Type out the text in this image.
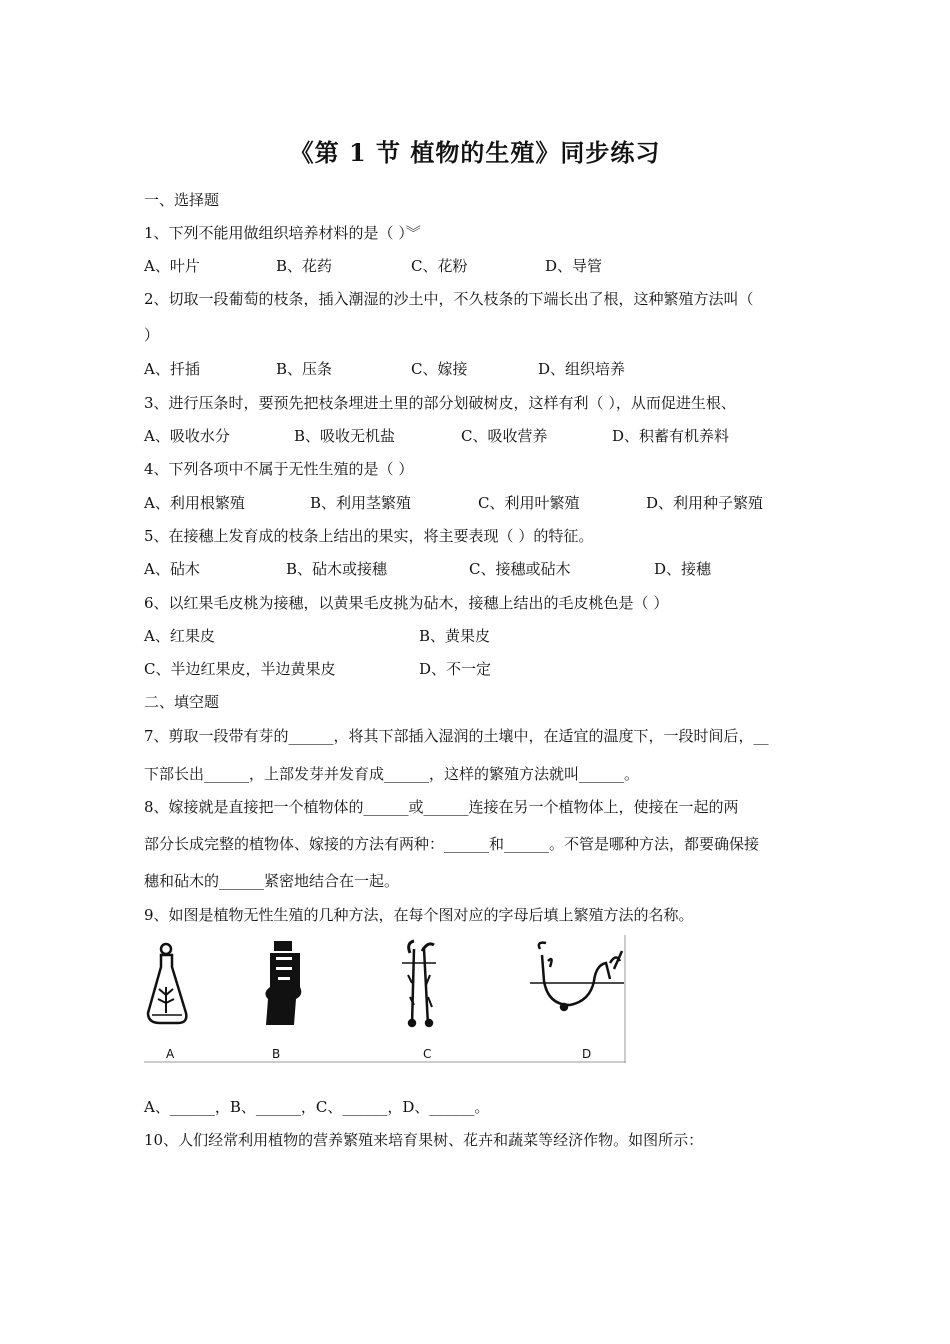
《第 1 节 植物的生殖》同步练习
一、选择题
1、下列不能用做组织培养材料的是（ ）︾
A、叶片	B、花药	C、花粉	D、导管
2、切取一段葡萄的枝条，插入潮湿的沙土中，不久枝条的下端长出了根，这种繁殖方法叫（
）
A、扦插	B、压条	C、嫁接	D、组织培养
3、进行压条时，要预先把枝条埋进土里的部分划破树皮，这样有利（ ），从而促进生根、
A、吸收水分	B、吸收无机盐	C、吸收营养	D、积蓄有机养料
4、下列各项中不属于无性生殖的是（ ）
A、利用根繁殖	B、利用茎繁殖	C、利用叶繁殖	D、利用种子繁殖
5、在接穗上发育成的枝条上结出的果实，将主要表现（ ）的特征。
A、砧木	B、砧木或接穗	C、接穗或砧木	D、接穗
6、以红果毛皮桃为接穗，以黄果毛皮挑为砧木，接穗上结出的毛皮桃色是（ ）
A、红果皮	B、黄果皮
C、半边红果皮，半边黄果皮	D、不一定
二、填空题
7、剪取一段带有芽的______，将其下部插入湿润的土壤中，在适宜的温度下，一段时间后，__
下部长出______，上部发芽并发育成______，这样的繁殖方法就叫______。
8、嫁接就是直接把一个植物体的______或______连接在另一个植物体上，使接在一起的两
部分长成完整的植物体、嫁接的方法有两种：______和______。不管是哪种方法，都要确保接
穗和砧木的______紧密地结合在一起。
9、如图是植物无性生殖的几种方法，在每个图对应的字母后填上繁殖方法的名称。
A	B	C	D
A、______，B、______，C、______，D、______。
10、人们经常利用植物的营养繁殖来培育果树、花卉和蔬菜等经济作物。如图所示：
